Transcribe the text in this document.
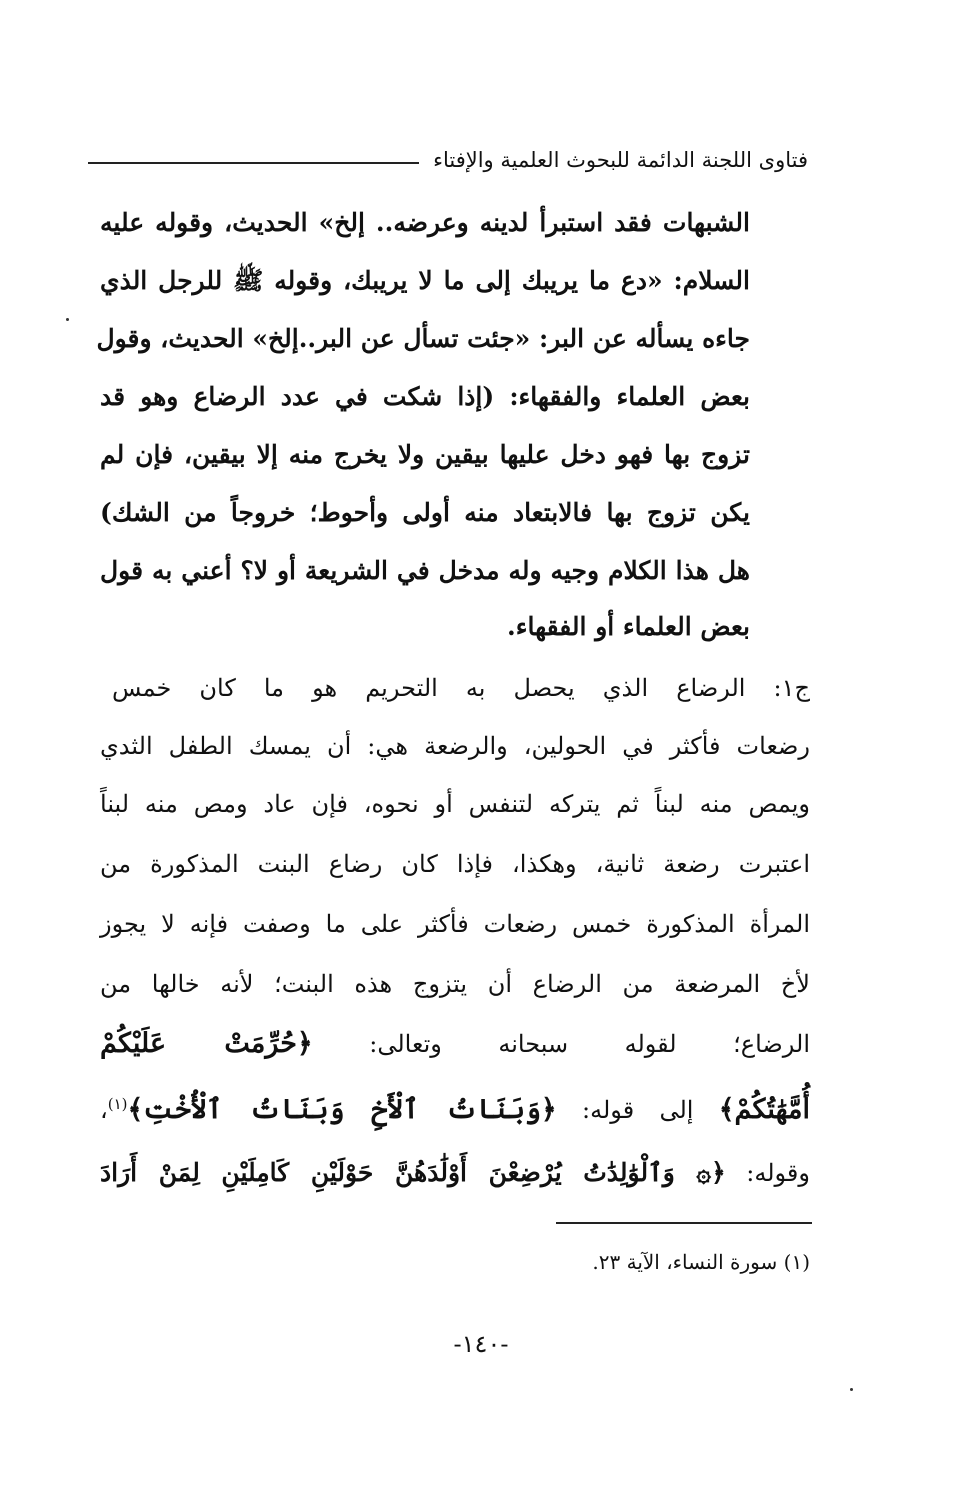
فتاوى اللجنة الدائمة للبحوث العلمية والإفتاء
الشبهات فقد استبرأ لدينه وعرضه.. إلخ» الحديث، وقوله عليه
السلام: «دع ما يريبك إلى ما لا يريبك، وقوله ﷺ للرجل الذي
جاءه يسأله عن البر: «جئت تسأل عن البر..إلخ» الحديث، وقول
بعض العلماء والفقهاء: (إذا شكت في عدد الرضاع وهو قد
تزوج بها فهو دخل عليها بيقين ولا يخرج منه إلا بيقين، فإن لم
يكن تزوج بها فالابتعاد منه أولى وأحوط؛ خروجاً من الشك)
هل هذا الكلام وجيه وله مدخل في الشريعة أو لا؟ أعني به قول
بعض العلماء أو الفقهاء.
ج١: الرضاع الذي يحصل به التحريم هو ما كان خمس
رضعات فأكثر في الحولين، والرضعة هي: أن يمسك الطفل الثدي
ويمص منه لبناً ثم يتركه لتنفس أو نحوه، فإن عاد ومص منه لبناً
اعتبرت رضعة ثانية، وهكذا، فإذا كان رضاع البنت المذكورة من
المرأة المذكورة خمس رضعات فأكثر على ما وصفت فإنه لا يجوز
لأخ المرضعة من الرضاع أن يتزوج هذه البنت؛ لأنه خالها من
الرضاع؛ لقوله سبحانه وتعالى: ﴿حُرِّمَتْ عَلَيْكُمْ
أُمَّهَٰتُكُمْ﴾ إلى قوله: ﴿وَبَنَاتُ ٱلْأَخِ وَبَنَاتُ ٱلْأُخْتِ﴾$^{(١)}$،
وقوله: ﴿۞ وَٱلْوَٰلِدَٰتُ يُرْضِعْنَ أَوْلَٰدَهُنَّ حَوْلَيْنِ كَامِلَيْنِ لِمَنْ أَرَادَ
(١) سورة النساء، الآية ٢٣.
-١٤٠-
